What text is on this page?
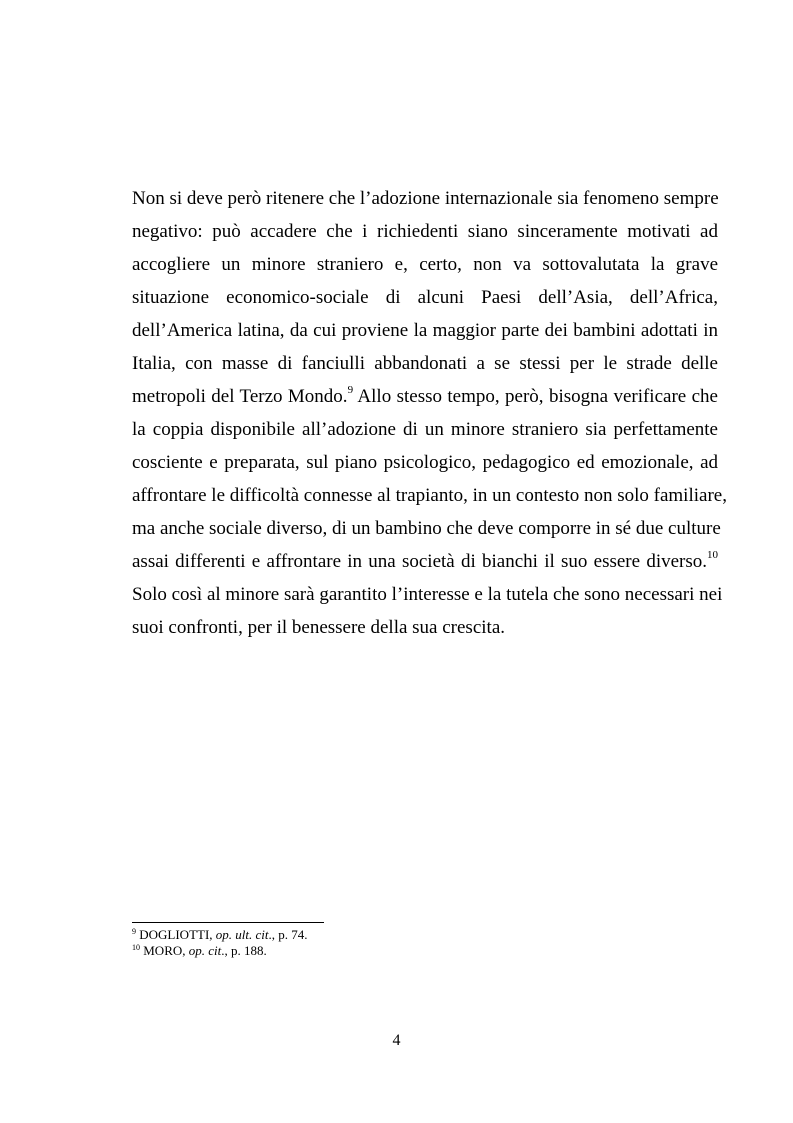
Non si deve però ritenere che l’adozione internazionale sia fenomeno sempre
negativo: può accadere che i richiedenti siano sinceramente motivati ad
accogliere un minore straniero e, certo, non va sottovalutata la grave
situazione economico-sociale di alcuni Paesi dell’Asia, dell’Africa,
dell’America latina, da cui proviene la maggior parte dei bambini adottati in
Italia, con masse di fanciulli abbandonati a se stessi per le strade delle
metropoli del Terzo Mondo.$^9$ Allo stesso tempo, però, bisogna verificare che
la coppia disponibile all’adozione di un minore straniero sia perfettamente
cosciente e preparata, sul piano psicologico, pedagogico ed emozionale, ad
affrontare le difficoltà connesse al trapianto, in un contesto non solo familiare,
ma anche sociale diverso, di un bambino che deve comporre in sé due culture
assai differenti e affrontare in una società di bianchi il suo essere diverso.$^{10}$
Solo così al minore sarà garantito l’interesse e la tutela che sono necessari nei
suoi confronti, per il benessere della sua crescita.
$^9$ DOGLIOTTI, op. ult. cit., p. 74.
$^{10}$ MORO, op. cit., p. 188.
4
